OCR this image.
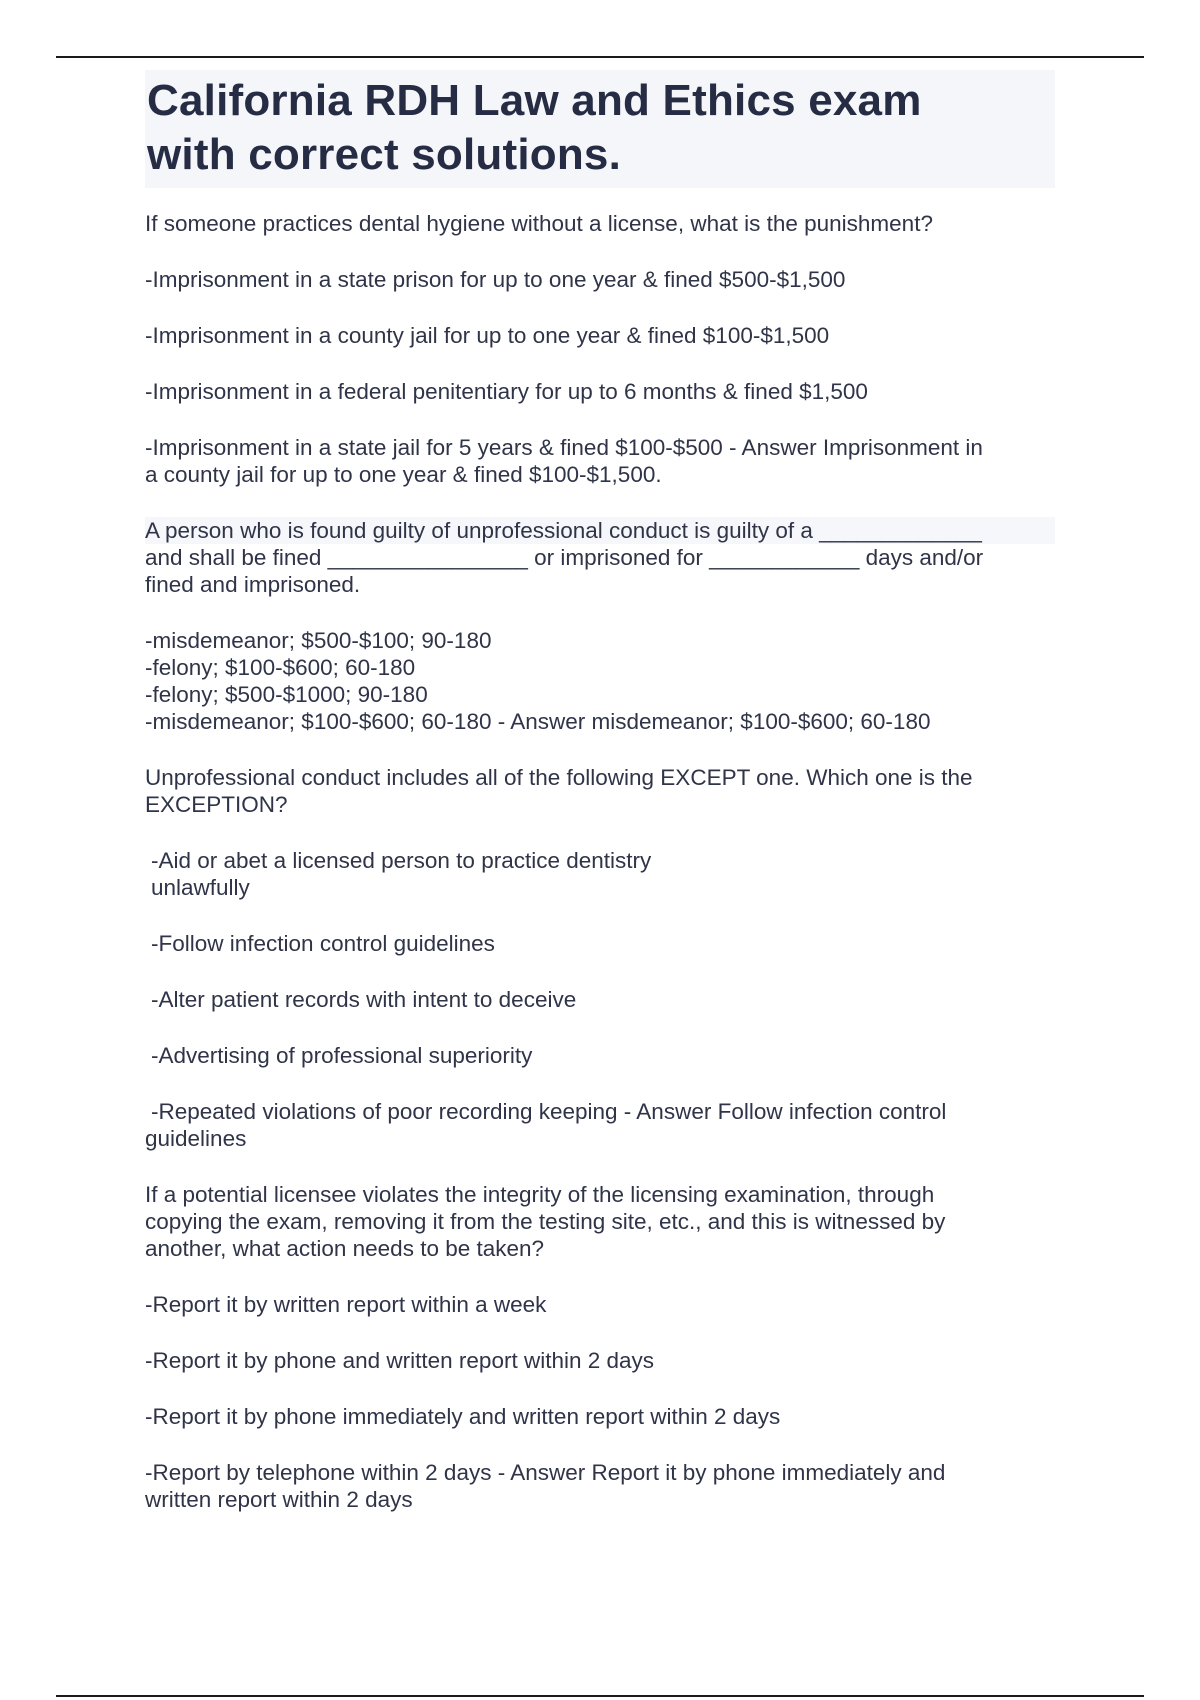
California RDH Law and Ethics exam
with correct solutions.
If someone practices dental hygiene without a license, what is the punishment?
-Imprisonment in a state prison for up to one year & fined $500-$1,500
-Imprisonment in a county jail for up to one year & fined $100-$1,500
-Imprisonment in a federal penitentiary for up to 6 months & fined $1,500
-Imprisonment in a state jail for 5 years & fined $100-$500 - Answer Imprisonment in
a county jail for up to one year & fined $100-$1,500.
A person who is found guilty of unprofessional conduct is guilty of a _____________
and shall be fined ________________ or imprisoned for ____________ days and/or
fined and imprisoned.
-misdemeanor; $500-$100; 90-180
-felony; $100-$600; 60-180
-felony; $500-$1000; 90-180
-misdemeanor; $100-$600; 60-180 - Answer misdemeanor; $100-$600; 60-180
Unprofessional conduct includes all of the following EXCEPT one. Which one is the
EXCEPTION?
-Aid or abet a licensed person to practice dentistry
unlawfully
-Follow infection control guidelines
-Alter patient records with intent to deceive
-Advertising of professional superiority
-Repeated violations of poor recording keeping - Answer Follow infection control
guidelines
If a potential licensee violates the integrity of the licensing examination, through
copying the exam, removing it from the testing site, etc., and this is witnessed by
another, what action needs to be taken?
-Report it by written report within a week
-Report it by phone and written report within 2 days
-Report it by phone immediately and written report within 2 days
-Report by telephone within 2 days - Answer Report it by phone immediately and
written report within 2 days
